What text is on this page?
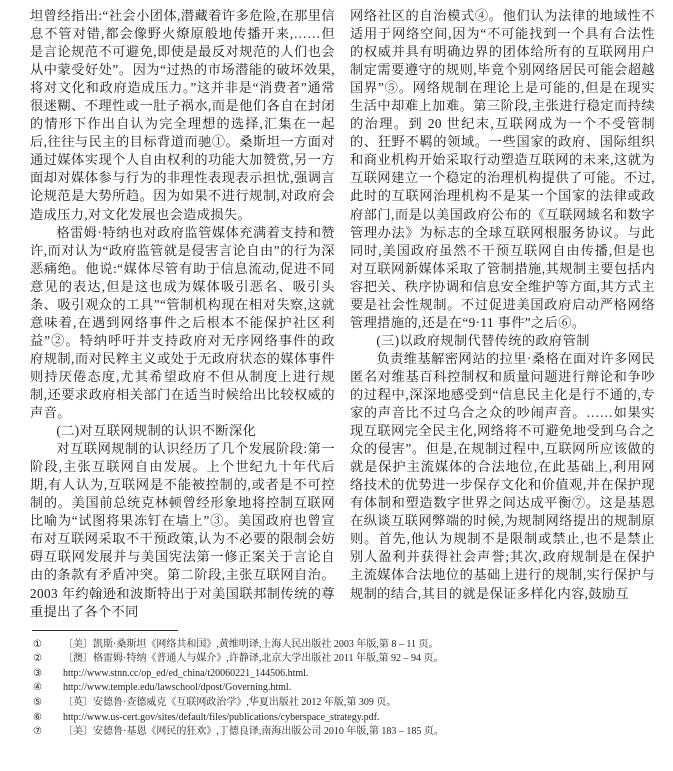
坦曾经指出:“社会小团体,潜藏着许多危险,在那里信息不管对错,都会像野火燎原般地传播开来,……但是言论规范不可避免,即使是最反对规范的人们也会从中蒙受好处”。因为“过热的市场潜能的破坏效果,将对文化和政府造成压力。”这并非是“消费者”通常很迷糊、不理性或一肚子祸水,而是他们各自在封闭的情形下作出自认为完全理想的选择,汇集在一起后,往往与民主的目标背道而驰①。桑斯坦一方面对通过媒体实现个人自由权利的功能大加赞赏,另一方面却对媒体参与行为的非理性表现表示担忧,强调言论规范是大势所趋。因为如果不进行规制,对政府会造成压力,对文化发展也会造成损失。

格雷姆·特纳也对政府监管媒体充满着支持和赞许,而对认为“政府监管就是侵害言论自由”的行为深恶痛绝。他说:“媒体尽管有助于信息流动,促进不同意见的表达,但是这也成为媒体吸引恶名、吸引头条、吸引观众的工具”“管制机构现在相对失察,这就意味着,在遇到网络事件之后根本不能保护社区利益”②。特纳呼吁并支持政府对无序网络事件的政府规制,而对民粹主义或处于无政府状态的媒体事件则持厌倦态度,尤其希望政府不但从制度上进行规制,还要求政府相关部门在适当时候给出比较权威的声音。

(二)对互联网规制的认识不断深化

对互联网规制的认识经历了几个发展阶段:第一阶段,主张互联网自由发展。上个世纪九十年代后期,有人认为,互联网是不能被控制的,或者是不可控制的。美国前总统克林顿曾经形象地将控制互联网比喻为“试图将果冻钉在墙上”③。美国政府也曾宣布对互联网采取不干预政策,认为不必要的限制会妨碍互联网发展并与美国宪法第一修正案关于言论自由的条款有矛盾冲突。第二阶段,主张互联网自治。2003 年约翰逊和波斯特出于对美国联邦制传统的尊重提出了各个不同

网络社区的自治模式④。他们认为法律的地域性不适用于网络空间,因为“不可能找到一个具有合法性的权威并具有明确边界的团体给所有的互联网用户制定需要遵守的规则,毕竟个别网络居民可能会超越国界”⑤。网络规制在理论上是可能的,但是在现实生活中却难上加难。第三阶段,主张进行稳定而持续的治理。到 20 世纪末,互联网成为一个不受管制的、狂野不羁的领域。一些国家的政府、国际组织和商业机构开始采取行动塑造互联网的未来,这就为互联网建立一个稳定的治理机构提供了可能。不过,此时的互联网治理机构不是某一个国家的法律或政府部门,而是以美国政府公布的《互联网域名和数字管理办法》为标志的全球互联网根服务协议。与此同时,美国政府虽然不干预互联网自由传播,但是也对互联网新媒体采取了管制措施,其规制主要包括内容把关、秩序协调和信息安全维护等方面,其方式主要是社会性规制。不过促进美国政府启动严格网络管理措施的,还是在“9·11 事件”之后⑥。

(三)以政府规制代替传统的政府管制

负责维基解密网站的拉里·桑格在面对许多网民匿名对维基百科控制权和质量问题进行辩论和争吵的过程中,深深地感受到“信息民主化是行不通的,专家的声音比不过乌合之众的吵闹声音。……如果实现互联网完全民主化,网络将不可避免地受到乌合之众的侵害”。但是,在规制过程中,互联网所应该做的就是保护主流媒体的合法地位,在此基础上,利用网络技术的优势进一步保存文化和价值观,并在保护现有体制和塑造数字世界之间达成平衡⑦。这是基恩在纵谈互联网弊端的时候,为规制网络提出的规制原则。首先,他认为规制不是限制或禁止,也不是禁止别人盈利并获得社会声誉;其次,政府规制是在保护主流媒体合法地位的基础上进行的规制,实行保护与规制的结合,其目的就是保证多样化内容,鼓励互

①	〔美〕凯斯·桑斯坦《网络共和国》,黄维明译,上海人民出版社 2003 年版,第 8 – 11 页。
②	〔澳〕格雷姆·特纳《普通人与媒介》,许静译,北京大学出版社 2011 年版,第 92 – 94 页。
③	http://www.stnn.cc/op_ed/ed_china/t20060221_144506.html.
④	http://www.temple.edu/lawschool/dpost/Governing.html.
⑤	〔英〕安德鲁·查德威克《互联网政治学》,华夏出版社 2012 年版,第 309 页。
⑥	http://www.us-cert.gov/sites/default/files/publications/cyberspace_strategy.pdf.
⑦	〔美〕安德鲁·基恩《网民的狂欢》,丁德良译,南海出版公司 2010 年版,第 183 – 185 页。
